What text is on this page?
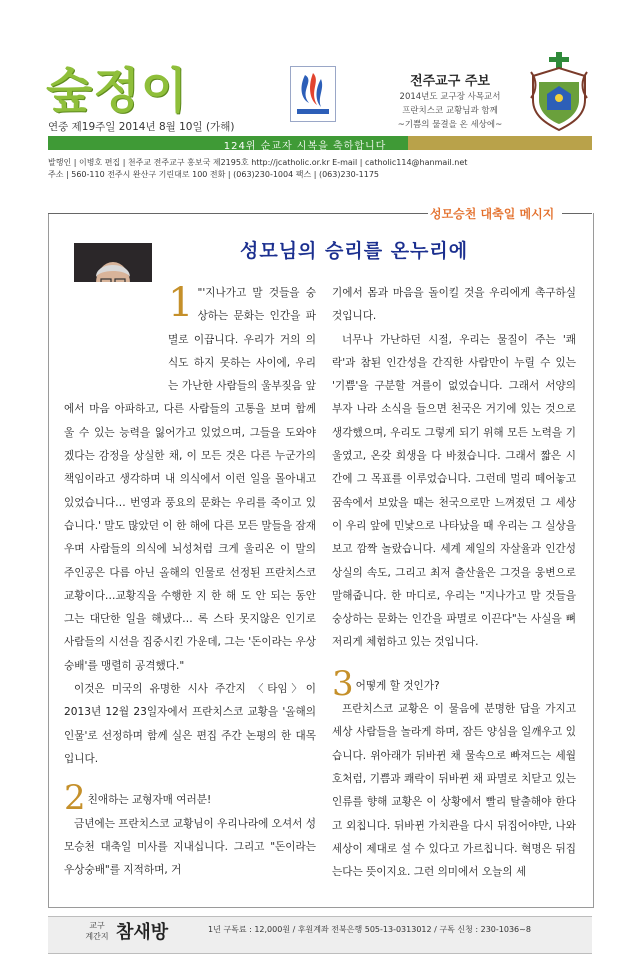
숲정이
연중 제19주일 2014년 8월 10일 (가해)
전주교구 주보
2014년도 교구장 사목교서
프란치스코 교황님과 함께
~기쁨의 물결을 온 세상에~
124위 순교자 시복을 축하합니다
발행인 | 이병호 편집 | 천주교 전주교구 홍보국 제2195호 http://jcatholic.or.kr E-mail | catholic114@hanmail.net
주소 | 560-110 전주시 완산구 기린대로 100 전화 | (063)230-1004 팩스 | (063)230-1175
성모승천 대축일 메시지
성모님의 승리를 온누리에

1 "'지나가고 말 것들을 숭상하는 문화는 인간을 파멸로 이끕니다. 우리가 거의 의식도 하지 못하는 사이에, 우리는 가난한 사람들의 울부짖음 앞에서 마음 아파하고, 다른 사람들의 고통을 보며 함께 울 수 있는 능력을 잃어가고 있었으며, 그들을 도와야겠다는 감정을 상실한 채, 이 모든 것은 다른 누군가의 책임이라고 생각하며 내 의식에서 이런 일을 몰아내고 있었습니다… 번영과 풍요의 문화는 우리를 죽이고 있습니다.' 말도 많았던 이 한 해에 다른 모든 말들을 잠재우며 사람들의 의식에 뇌성처럼 크게 울리온 이 말의 주인공은 다름 아닌 올해의 인물로 선정된 프란치스코 교황이다…교황직을 수행한 지 한 해 도 안 되는 동안 그는 대단한 일을 해냈다… 록 스타 못지않은 인기로 사람들의 시선을 집중시킨 가운데, 그는 '돈이라는 우상숭배'를 맹렬히 공격했다."

이것은 미국의 유명한 시사 주간지 〈타임〉이 2013년 12월 23일자에서 프란치스코 교황을 '올해의 인물'로 선정하며 함께 실은 편집 주간 논평의 한 대목입니다.

2 친애하는 교형자매 여러분!

금년에는 프란치스코 교황님이 우리나라에 오셔서 성모승천 대축일 미사를 지내십니다. 그리고 "돈이라는 우상숭배"를 지적하며, 거

기에서 몸과 마음을 돌이킬 것을 우리에게 촉구하실 것입니다.

너무나 가난하던 시절, 우리는 물질이 주는 '쾌락'과 참된 인간성을 간직한 사람만이 누릴 수 있는 '기쁨'을 구분할 겨를이 없었습니다. 그래서 서양의 부자 나라 소식을 들으면 천국은 거기에 있는 것으로 생각했으며, 우리도 그렇게 되기 위해 모든 노력을 기울였고, 온갖 희생을 다 바쳤습니다. 그래서 짧은 시간에 그 목표를 이루었습니다. 그런데 멀리 떼어놓고 꿈속에서 보았을 때는 천국으로만 느껴졌던 그 세상이 우리 앞에 민낯으로 나타났을 때 우리는 그 실상을 보고 깜짝 놀랐습니다. 세계 제일의 자살율과 인간성 상실의 속도, 그리고 최저 출산율은 그것을 웅변으로 말해줍니다. 한 마디로, 우리는 "지나가고 말 것들을 숭상하는 문화는 인간을 파멸로 이끈다"는 사실을 뼈저리게 체험하고 있는 것입니다.

3 어떻게 할 것인가?

프란치스코 교황은 이 물음에 분명한 답을 가지고 세상 사람들을 놀라게 하며, 잠든 양심을 일깨우고 있습니다. 위아래가 뒤바뀐 채 물속으로 빠져드는 세월호처럼, 기쁨과 쾌락이 뒤바뀐 채 파멸로 치닫고 있는 인류를 향해 교황은 이 상황에서 빨리 탈출해야 한다고 외칩니다. 뒤바뀐 가치관을 다시 뒤집어야만, 나와 세상이 제대로 설 수 있다고 가르칩니다. 혁명은 뒤집는다는 뜻이지요. 그런 의미에서 오늘의 세

교구
계간지 참새방	1년 구독료 : 12,000원 / 후원계좌 전북은행 505-13-0313012 / 구독 신청 : 230-1036~8
